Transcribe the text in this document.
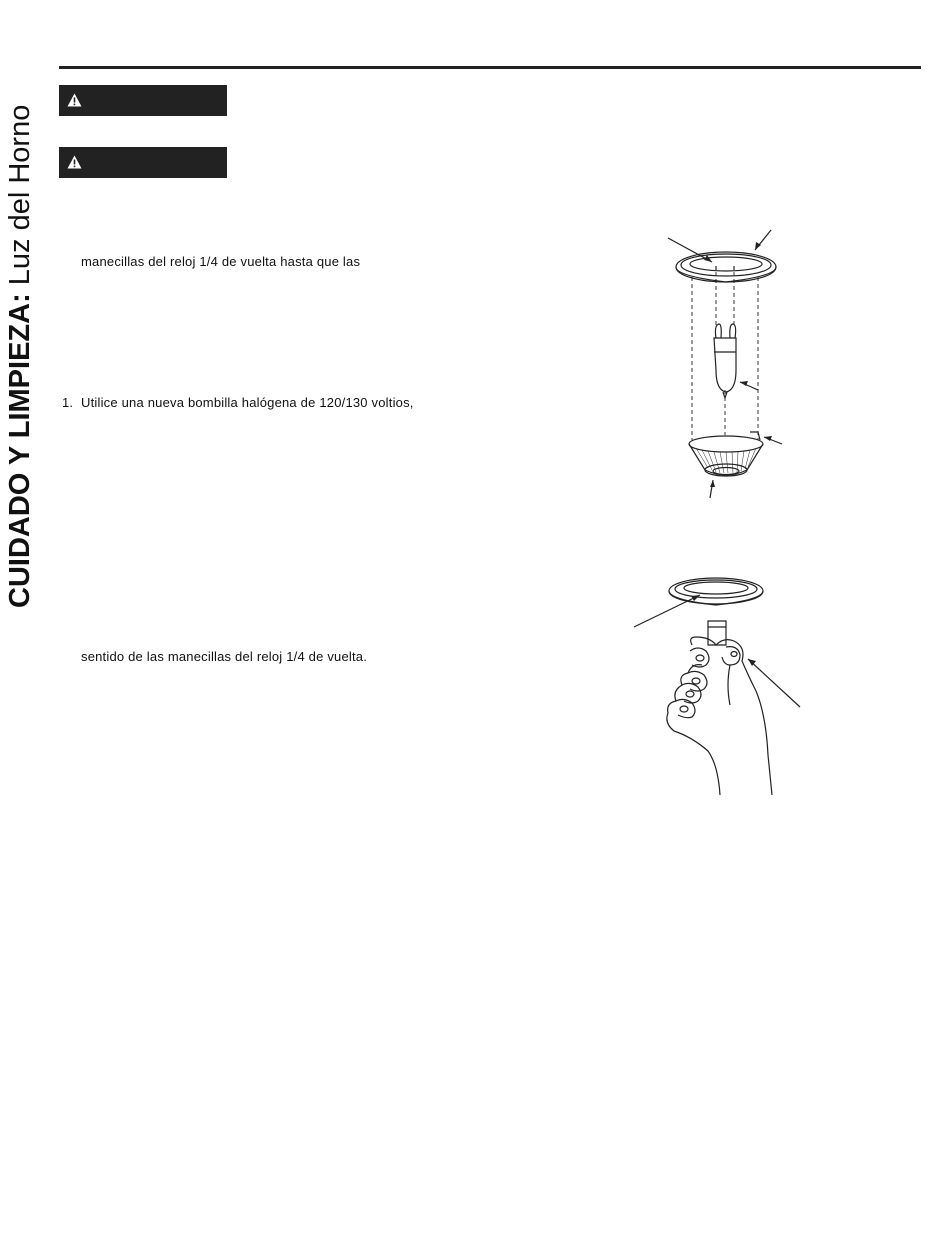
CUIDADO Y LIMPIEZA: Luz del Horno	manecillas del reloj 1/4 de vuelta hasta que las
1. Utilice una nueva bombilla halógena de 120/130 voltios,
sentido de las manecillas del reloj 1/4 de vuelta.
